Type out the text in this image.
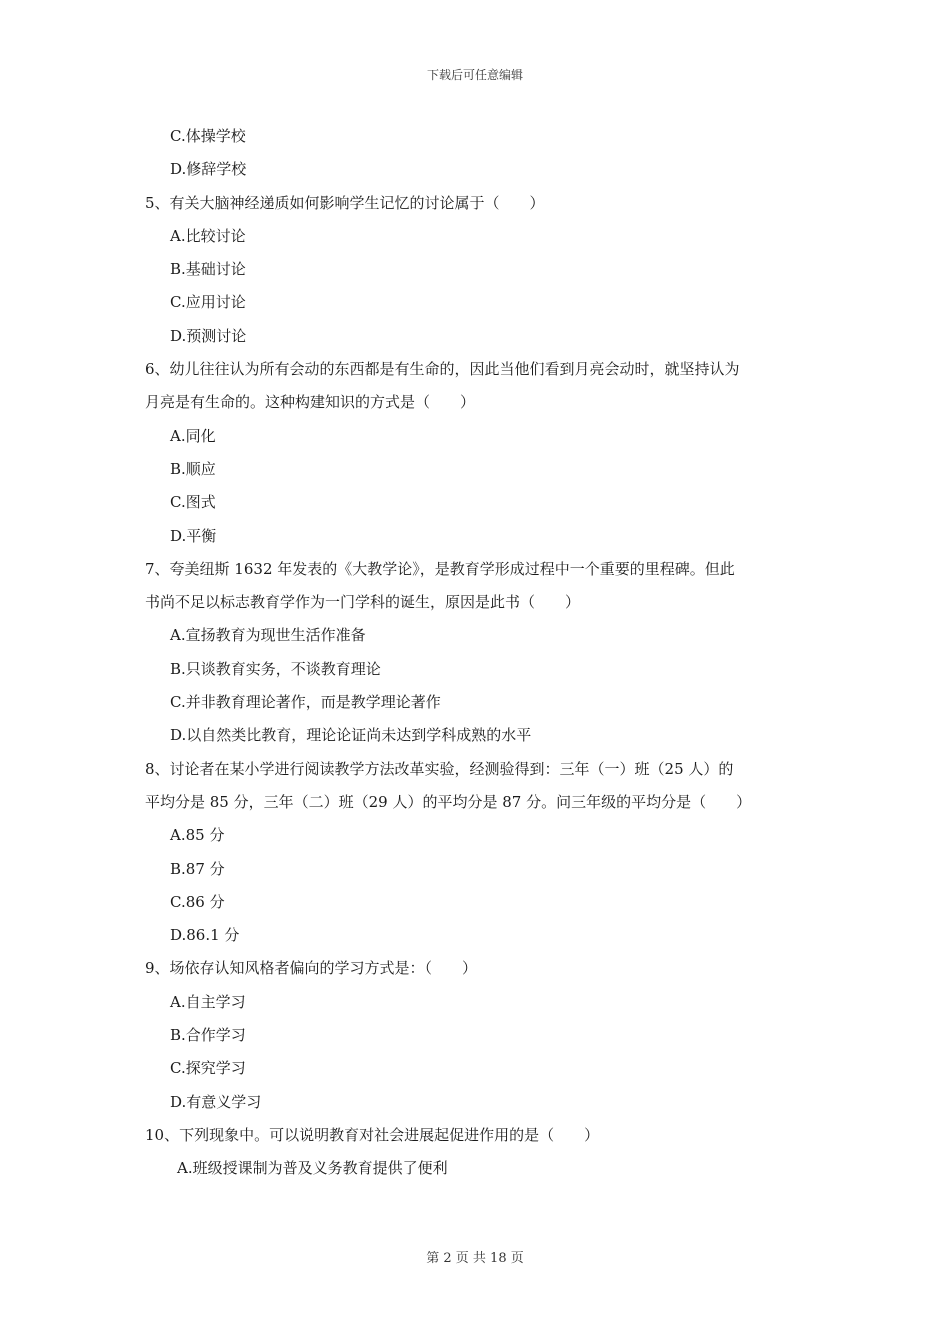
下载后可任意编辑
C.体操学校
D.修辞学校
5、有关大脑神经递质如何影响学生记忆的讨论属于（　　）
A.比较讨论
B.基础讨论
C.应用讨论
D.预测讨论
6、幼儿往往认为所有会动的东西都是有生命的，因此当他们看到月亮会动时，就坚持认为
月亮是有生命的。这种构建知识的方式是（　　）
A.同化
B.顺应
C.图式
D.平衡
7、夸美纽斯 1632 年发表的《大教学论》，是教育学形成过程中一个重要的里程碑。但此
书尚不足以标志教育学作为一门学科的诞生，原因是此书（　　）
A.宣扬教育为现世生活作准备
B.只谈教育实务，不谈教育理论
C.并非教育理论著作，而是教学理论著作
D.以自然类比教育，理论论证尚未达到学科成熟的水平
8、讨论者在某小学进行阅读教学方法改革实验，经测验得到：三年（一）班（25 人）的
平均分是 85 分，三年（二）班（29 人）的平均分是 87 分。问三年级的平均分是（　　）
A.85 分
B.87 分
C.86 分
D.86.1 分
9、场依存认知风格者偏向的学习方式是：（　　）
A.自主学习
B.合作学习
C.探究学习
D.有意义学习
10、下列现象中。可以说明教育对社会进展起促进作用的是（　　）
A.班级授课制为普及义务教育提供了便利
第 2 页 共 18 页
